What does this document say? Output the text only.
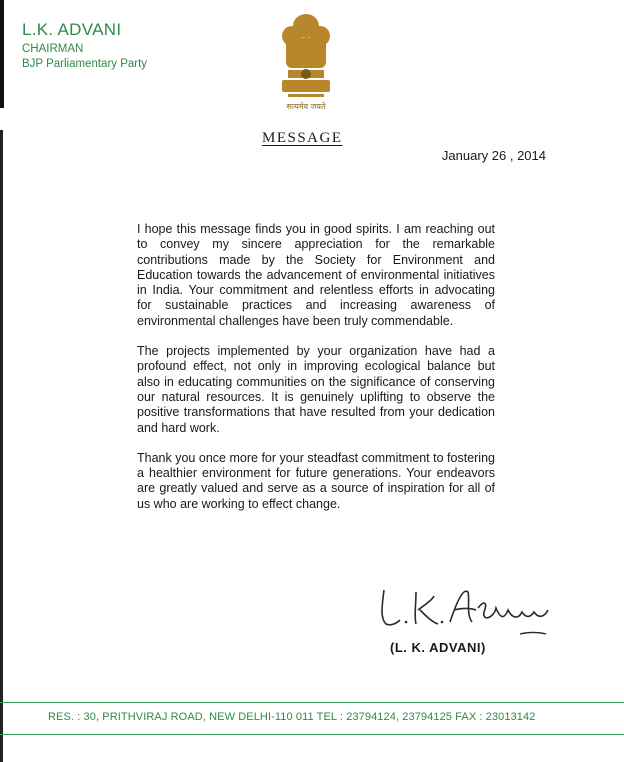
L.K. ADVANI
CHAIRMAN
BJP Parliamentary Party
सत्यमेव जयते
MESSAGE
January 26 , 2014

I hope this message finds you in good spirits. I am reaching out to convey my sincere appreciation for the remarkable contributions made by the Society for Environment and Education towards the advancement of environmental initiatives in India. Your commitment and relentless efforts in advocating for sustainable practices and increasing awareness of environmental challenges have been truly commendable.

The projects implemented by your organization have had a profound effect, not only in improving ecological balance but also in educating communities on the significance of conserving our natural resources. It is genuinely uplifting to observe the positive transformations that have resulted from your dedication and hard work.

Thank you once more for your steadfast commitment to fostering a healthier environment for future generations. Your endeavors are greatly valued and serve as a source of inspiration for all of us who are working to effect change.

(L. K. ADVANI)
RES. : 30, PRITHVIRAJ ROAD, NEW DELHI-110 011 TEL : 23794124, 23794125 FAX : 23013142
